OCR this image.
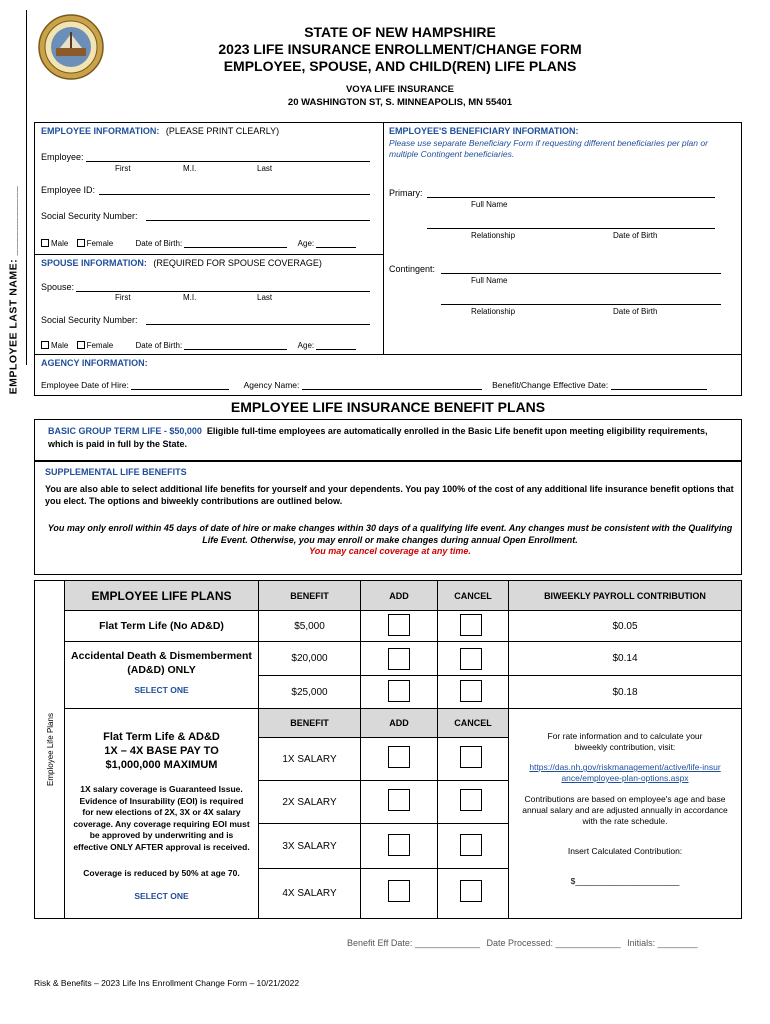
EMPLOYEE LAST NAME: ___________
STATE OF NEW HAMPSHIRE
2023 LIFE INSURANCE ENROLLMENT/CHANGE FORM
EMPLOYEE, SPOUSE, AND CHILD(REN) LIFE PLANS
VOYA LIFE INSURANCE
20 WASHINGTON ST, S. MINNEAPOLIS, MN 55401
EMPLOYEE INFORMATION: (PLEASE PRINT CLEARLY)
Employee:
First	M.I.	Last
Employee ID:
Social Security Number:
Male Female	Date of Birth:	Age:
SPOUSE INFORMATION: (REQUIRED FOR SPOUSE COVERAGE)
Spouse:
First	M.I.	Last
Social Security Number:
Male Female	Date of Birth:	Age:
EMPLOYEE'S BENEFICIARY INFORMATION:
Please use separate Beneficiary Form if requesting different beneficiaries per plan or multiple Contingent beneficiaries.
Primary:
Full Name
Relationship	Date of Birth
Contingent:
Full Name
Relationship	Date of Birth
AGENCY INFORMATION:
Employee Date of Hire:	Agency Name:	Benefit/Change Effective Date:
EMPLOYEE LIFE INSURANCE BENEFIT PLANS
BASIC GROUP TERM LIFE - $50,000 Eligible full-time employees are automatically enrolled in the Basic Life benefit upon meeting eligibility requirements, which is paid in full by the State.
SUPPLEMENTAL LIFE BENEFITS
You are also able to select additional life benefits for yourself and your dependents. You pay 100% of the cost of any additional life insurance benefit options that you elect. The options and biweekly contributions are outlined below.
You may only enroll within 45 days of date of hire or make changes within 30 days of a qualifying life event. Any changes must be consistent with the Qualifying Life Event. Otherwise, you may enroll or make changes during annual Open Enrollment.
You may cancel coverage at any time.
Employee Life Plans
EMPLOYEE LIFE PLANS	BENEFIT	ADD	CANCEL	BIWEEKLY PAYROLL CONTRIBUTION
Flat Term Life (No AD&D)	$5,000	$0.05
Accidental Death & Dismemberment (AD&D) ONLY
SELECT ONE
$20,000	$0.14
$25,000	$0.18
BENEFIT	ADD	CANCEL
Flat Term Life & AD&D
1X – 4X BASE PAY TO
$1,000,000 MAXIMUM
1X salary coverage is Guaranteed Issue. Evidence of Insurability (EOI) is required for new elections of 2X, 3X or 4X salary coverage. Any coverage requiring EOI must be approved by underwriting and is effective ONLY AFTER approval is received.
Coverage is reduced by 50% at age 70.
SELECT ONE
1X SALARY
2X SALARY
3X SALARY
4X SALARY
For rate information and to calculate your biweekly contribution, visit:
https://das.nh.gov/riskmanagement/active/life-insurance/employee-plan-options.aspx
Contributions are based on employee's age and base annual salary and are adjusted annually in accordance with the rate schedule.
Insert Calculated Contribution:
$______________________
Benefit Eff Date: _____________ Date Processed: _____________ Initials: ________
Risk & Benefits – 2023 Life Ins Enrollment Change Form – 10/21/2022
